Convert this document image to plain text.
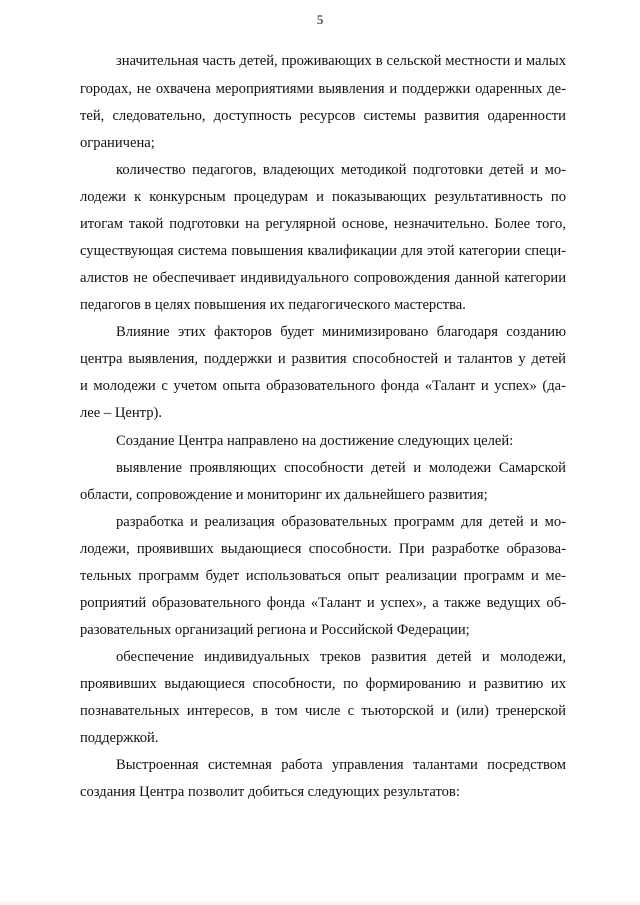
5
значительная часть детей, проживающих в сельской местности и малых
городах, не охвачена мероприятиями выявления и поддержки одаренных де-
тей, следовательно, доступность ресурсов системы развития одаренности
ограничена;
количество педагогов, владеющих методикой подготовки детей и мо-
лодежи к конкурсным процедурам и показывающих результативность по
итогам такой подготовки на регулярной основе, незначительно. Более того,
существующая система повышения квалификации для этой категории специ-
алистов не обеспечивает индивидуального сопровождения данной категории
педагогов в целях повышения их педагогического мастерства.
Влияние этих факторов будет минимизировано благодаря созданию
центра выявления, поддержки и развития способностей и талантов у детей
и молодежи с учетом опыта образовательного фонда «Талант и успех» (да-
лее – Центр).
Создание Центра направлено на достижение следующих целей:
выявление проявляющих способности детей и молодежи Самарской
области, сопровождение и мониторинг их дальнейшего развития;
разработка и реализация образовательных программ для детей и мо-
лодежи, проявивших выдающиеся способности. При разработке образова-
тельных программ будет использоваться опыт реализации программ и ме-
роприятий образовательного фонда «Талант и успех», а также ведущих об-
разовательных организаций региона и Российской Федерации;
обеспечение индивидуальных треков развития детей и молодежи,
проявивших выдающиеся способности, по формированию и развитию их
познавательных интересов, в том числе с тьюторской и (или) тренерской
поддержкой.
Выстроенная системная работа управления талантами посредством
создания Центра позволит добиться следующих результатов:
